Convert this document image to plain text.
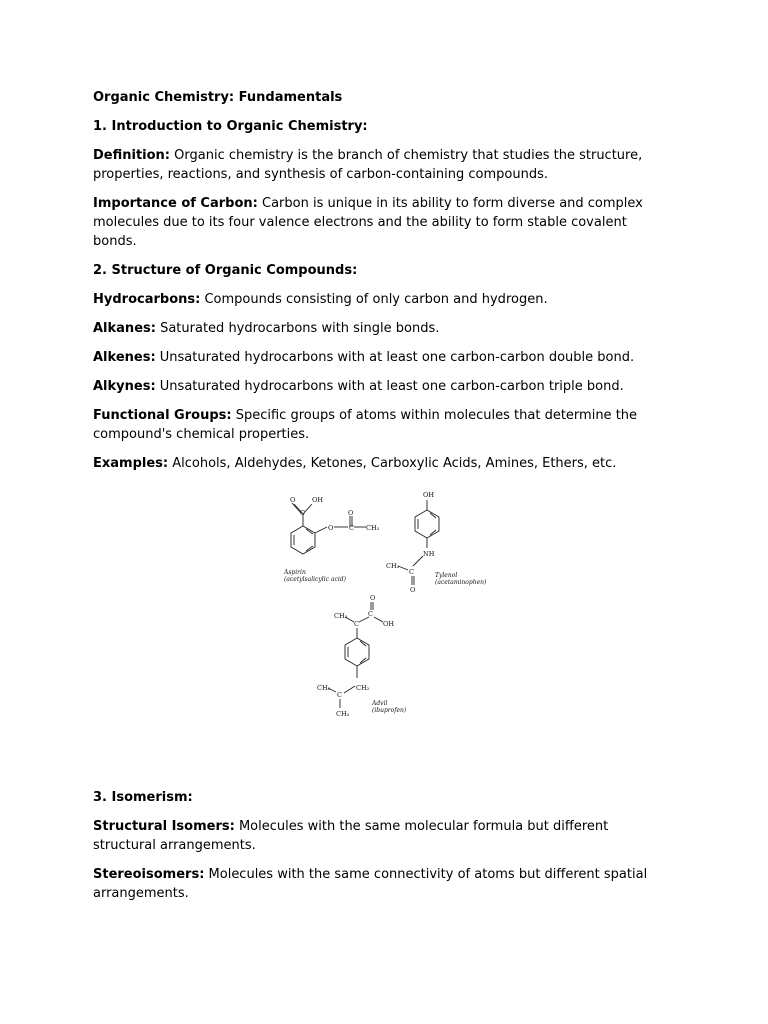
Organic Chemistry: Fundamentals

1. Introduction to Organic Chemistry:

Definition: Organic chemistry is the branch of chemistry that studies the structure, properties, reactions, and synthesis of carbon-containing compounds.

Importance of Carbon: Carbon is unique in its ability to form diverse and complex molecules due to its four valence electrons and the ability to form stable covalent bonds.

2. Structure of Organic Compounds:

Hydrocarbons: Compounds consisting of only carbon and hydrogen.

Alkanes: Saturated hydrocarbons with single bonds.

Alkenes: Unsaturated hydrocarbons with at least one carbon-carbon double bond.

Alkynes: Unsaturated hydrocarbons with at least one carbon-carbon triple bond.

Functional Groups: Specific groups of atoms within molecules that determine the compound's chemical properties.

Examples: Alcohols, Aldehydes, Ketones, Carboxylic Acids, Amines, Ethers, etc.

O	OH
C
O
O
C CH₃
Aspirin
(acetylsalicylic acid)
OH
NH
C
CH₃
O
Tylenol
(acetaminophen)
CH₃
C
C
O
OH
CH₂
C
CH₃
CH₃
Advil
(ibuprofen)

3. Isomerism:

Structural Isomers: Molecules with the same molecular formula but different structural arrangements.

Stereoisomers: Molecules with the same connectivity of atoms but different spatial arrangements.
